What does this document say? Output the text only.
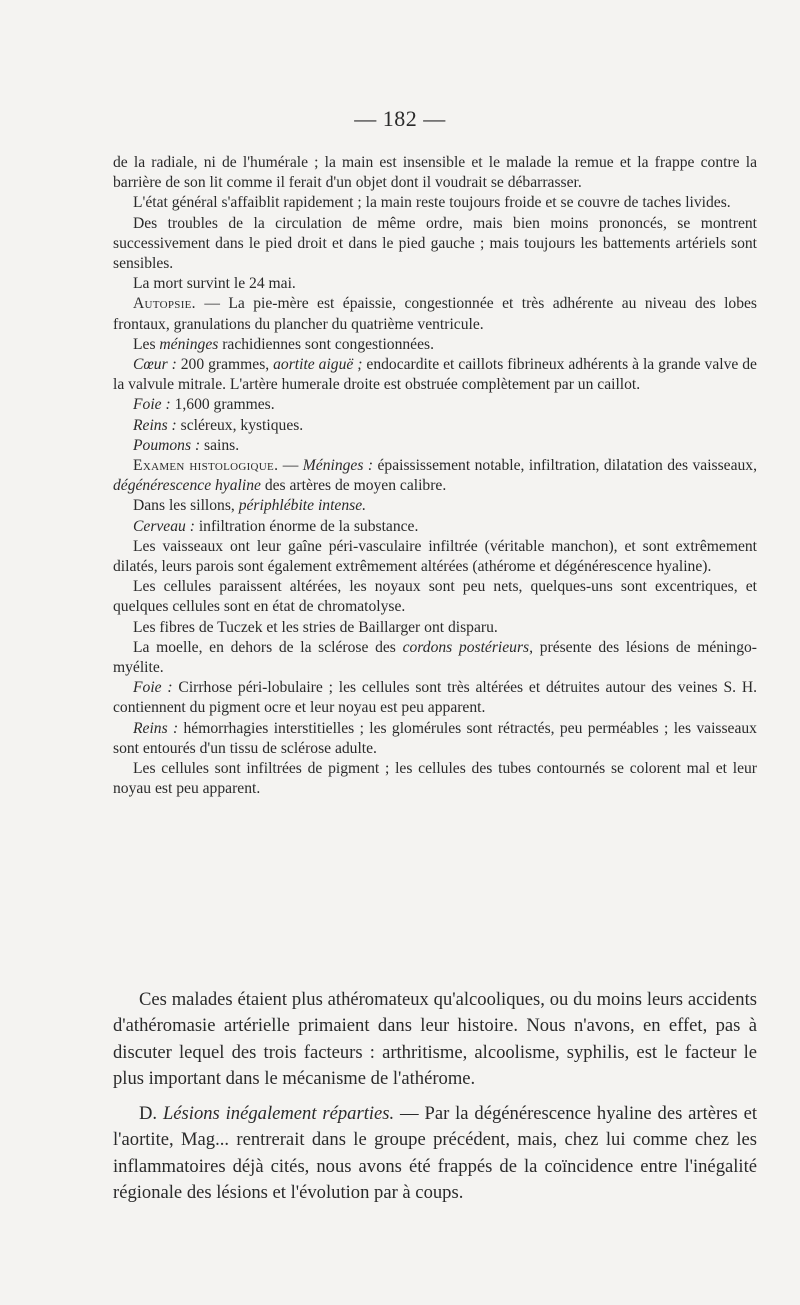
— 182 —

de la radiale, ni de l'humérale ; la main est insensible et le malade la remue et la frappe contre la barrière de son lit comme il ferait d'un objet dont il voudrait se débarrasser.

L'état général s'affaiblit rapidement ; la main reste toujours froide et se couvre de taches livides.

Des troubles de la circulation de même ordre, mais bien moins prononcés, se montrent successivement dans le pied droit et dans le pied gauche ; mais toujours les battements artériels sont sensibles.

La mort survint le 24 mai.

Autopsie. — La pie-mère est épaissie, congestionnée et très adhérente au niveau des lobes frontaux, granulations du plancher du quatrième ventricule.

Les méninges rachidiennes sont congestionnées.

Cœur : 200 grammes, aortite aiguë ; endocardite et caillots fibrineux adhérents à la grande valve de la valvule mitrale. L'artère humerale droite est obstruée complètement par un caillot.

Foie : 1,600 grammes.

Reins : scléreux, kystiques.

Poumons : sains.

Examen histologique. — Méninges : épaississement notable, infiltration, dilatation des vaisseaux, dégénérescence hyaline des artères de moyen calibre.

Dans les sillons, périphlébite intense.

Cerveau : infiltration énorme de la substance.

Les vaisseaux ont leur gaîne péri-vasculaire infiltrée (véritable manchon), et sont extrêmement dilatés, leurs parois sont également extrêmement altérées (athérome et dégénérescence hyaline).

Les cellules paraissent altérées, les noyaux sont peu nets, quelques-uns sont excentriques, et quelques cellules sont en état de chromatolyse.

Les fibres de Tuczek et les stries de Baillarger ont disparu.

La moelle, en dehors de la sclérose des cordons postérieurs, présente des lésions de méningo-myélite.

Foie : Cirrhose péri-lobulaire ; les cellules sont très altérées et détruites autour des veines S. H. contiennent du pigment ocre et leur noyau est peu apparent.

Reins : hémorrhagies interstitielles ; les glomérules sont rétractés, peu perméables ; les vaisseaux sont entourés d'un tissu de sclérose adulte.

Les cellules sont infiltrées de pigment ; les cellules des tubes contournés se colorent mal et leur noyau est peu apparent.

Ces malades étaient plus athéromateux qu'alcooliques, ou du moins leurs accidents d'athéromasie artérielle primaient dans leur histoire. Nous n'avons, en effet, pas à discuter lequel des trois facteurs : arthritisme, alcoolisme, syphilis, est le facteur le plus important dans le mécanisme de l'athérome.

D. Lésions inégalement réparties. — Par la dégénérescence hyaline des artères et l'aortite, Mag... rentrerait dans le groupe précédent, mais, chez lui comme chez les inflammatoires déjà cités, nous avons été frappés de la coïncidence entre l'inégalité régionale des lésions et l'évolution par à coups.
